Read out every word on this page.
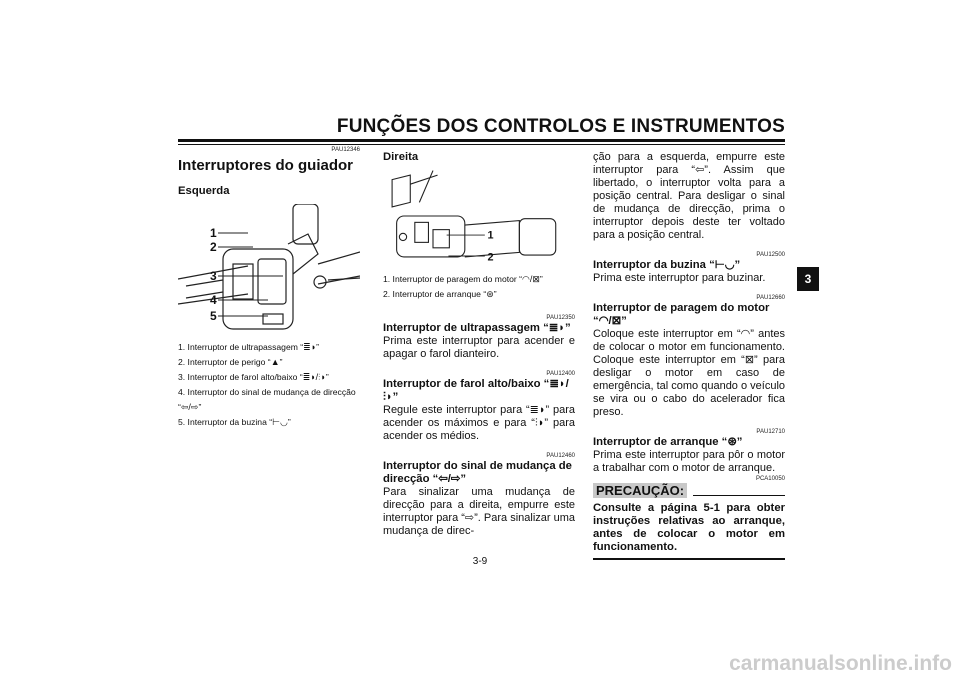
FUNÇÕES DOS CONTROLOS E INSTRUMENTOS
PAU12346
Interruptores do guiador
Esquerda
1
2
3
4
5
1. Interruptor de ultrapassagem “≣◗”
2. Interruptor de perigo “▲”
3. Interruptor de farol alto/baixo “≣◗/⫶◗”
4. Interruptor do sinal de mudança de direcção “⇦/⇨”
5. Interruptor da buzina “⊢◡”
Direita
1
2
1. Interruptor de paragem do motor “◠/⊠”
2. Interruptor de arranque “⊛”
PAU12350
Interruptor de ultrapassagem “≣◗”
Prima este interruptor para acender e apagar o farol dianteiro.
PAU12400
Interruptor de farol alto/baixo “≣◗/⫶◗”
Regule este interruptor para “≣◗” para acender os máximos e para “⫶◗” para acender os médios.
PAU12460
Interruptor do sinal de mudança de direcção “⇦/⇨”
Para sinalizar uma mudança de direcção para a direita, empurre este interruptor para “⇨”. Para sinalizar uma mudança de direc-
ção para a esquerda, empurre este interruptor para “⇦”. Assim que libertado, o interruptor volta para a posição central. Para desligar o sinal de mudança de direcção, prima o interruptor depois deste ter voltado para a posição central.
PAU12500
Interruptor da buzina “⊢◡”
Prima este interruptor para buzinar.
PAU12660
Interruptor de paragem do motor “◠/⊠”
Coloque este interruptor em “◠” antes de colocar o motor em funcionamento. Coloque este interruptor em “⊠” para desligar o motor em caso de emergência, tal como quando o veículo se vira ou o cabo do acelerador fica preso.
PAU12710
Interruptor de arranque “⊛”
Prima este interruptor para pôr o motor a trabalhar com o motor de arranque.
PCA10050
PRECAUÇÃO:
Consulte a página 5-1 para obter instruções relativas ao arranque, antes de colocar o motor em funcionamento.
3
3-9
carmanualsonline.info
